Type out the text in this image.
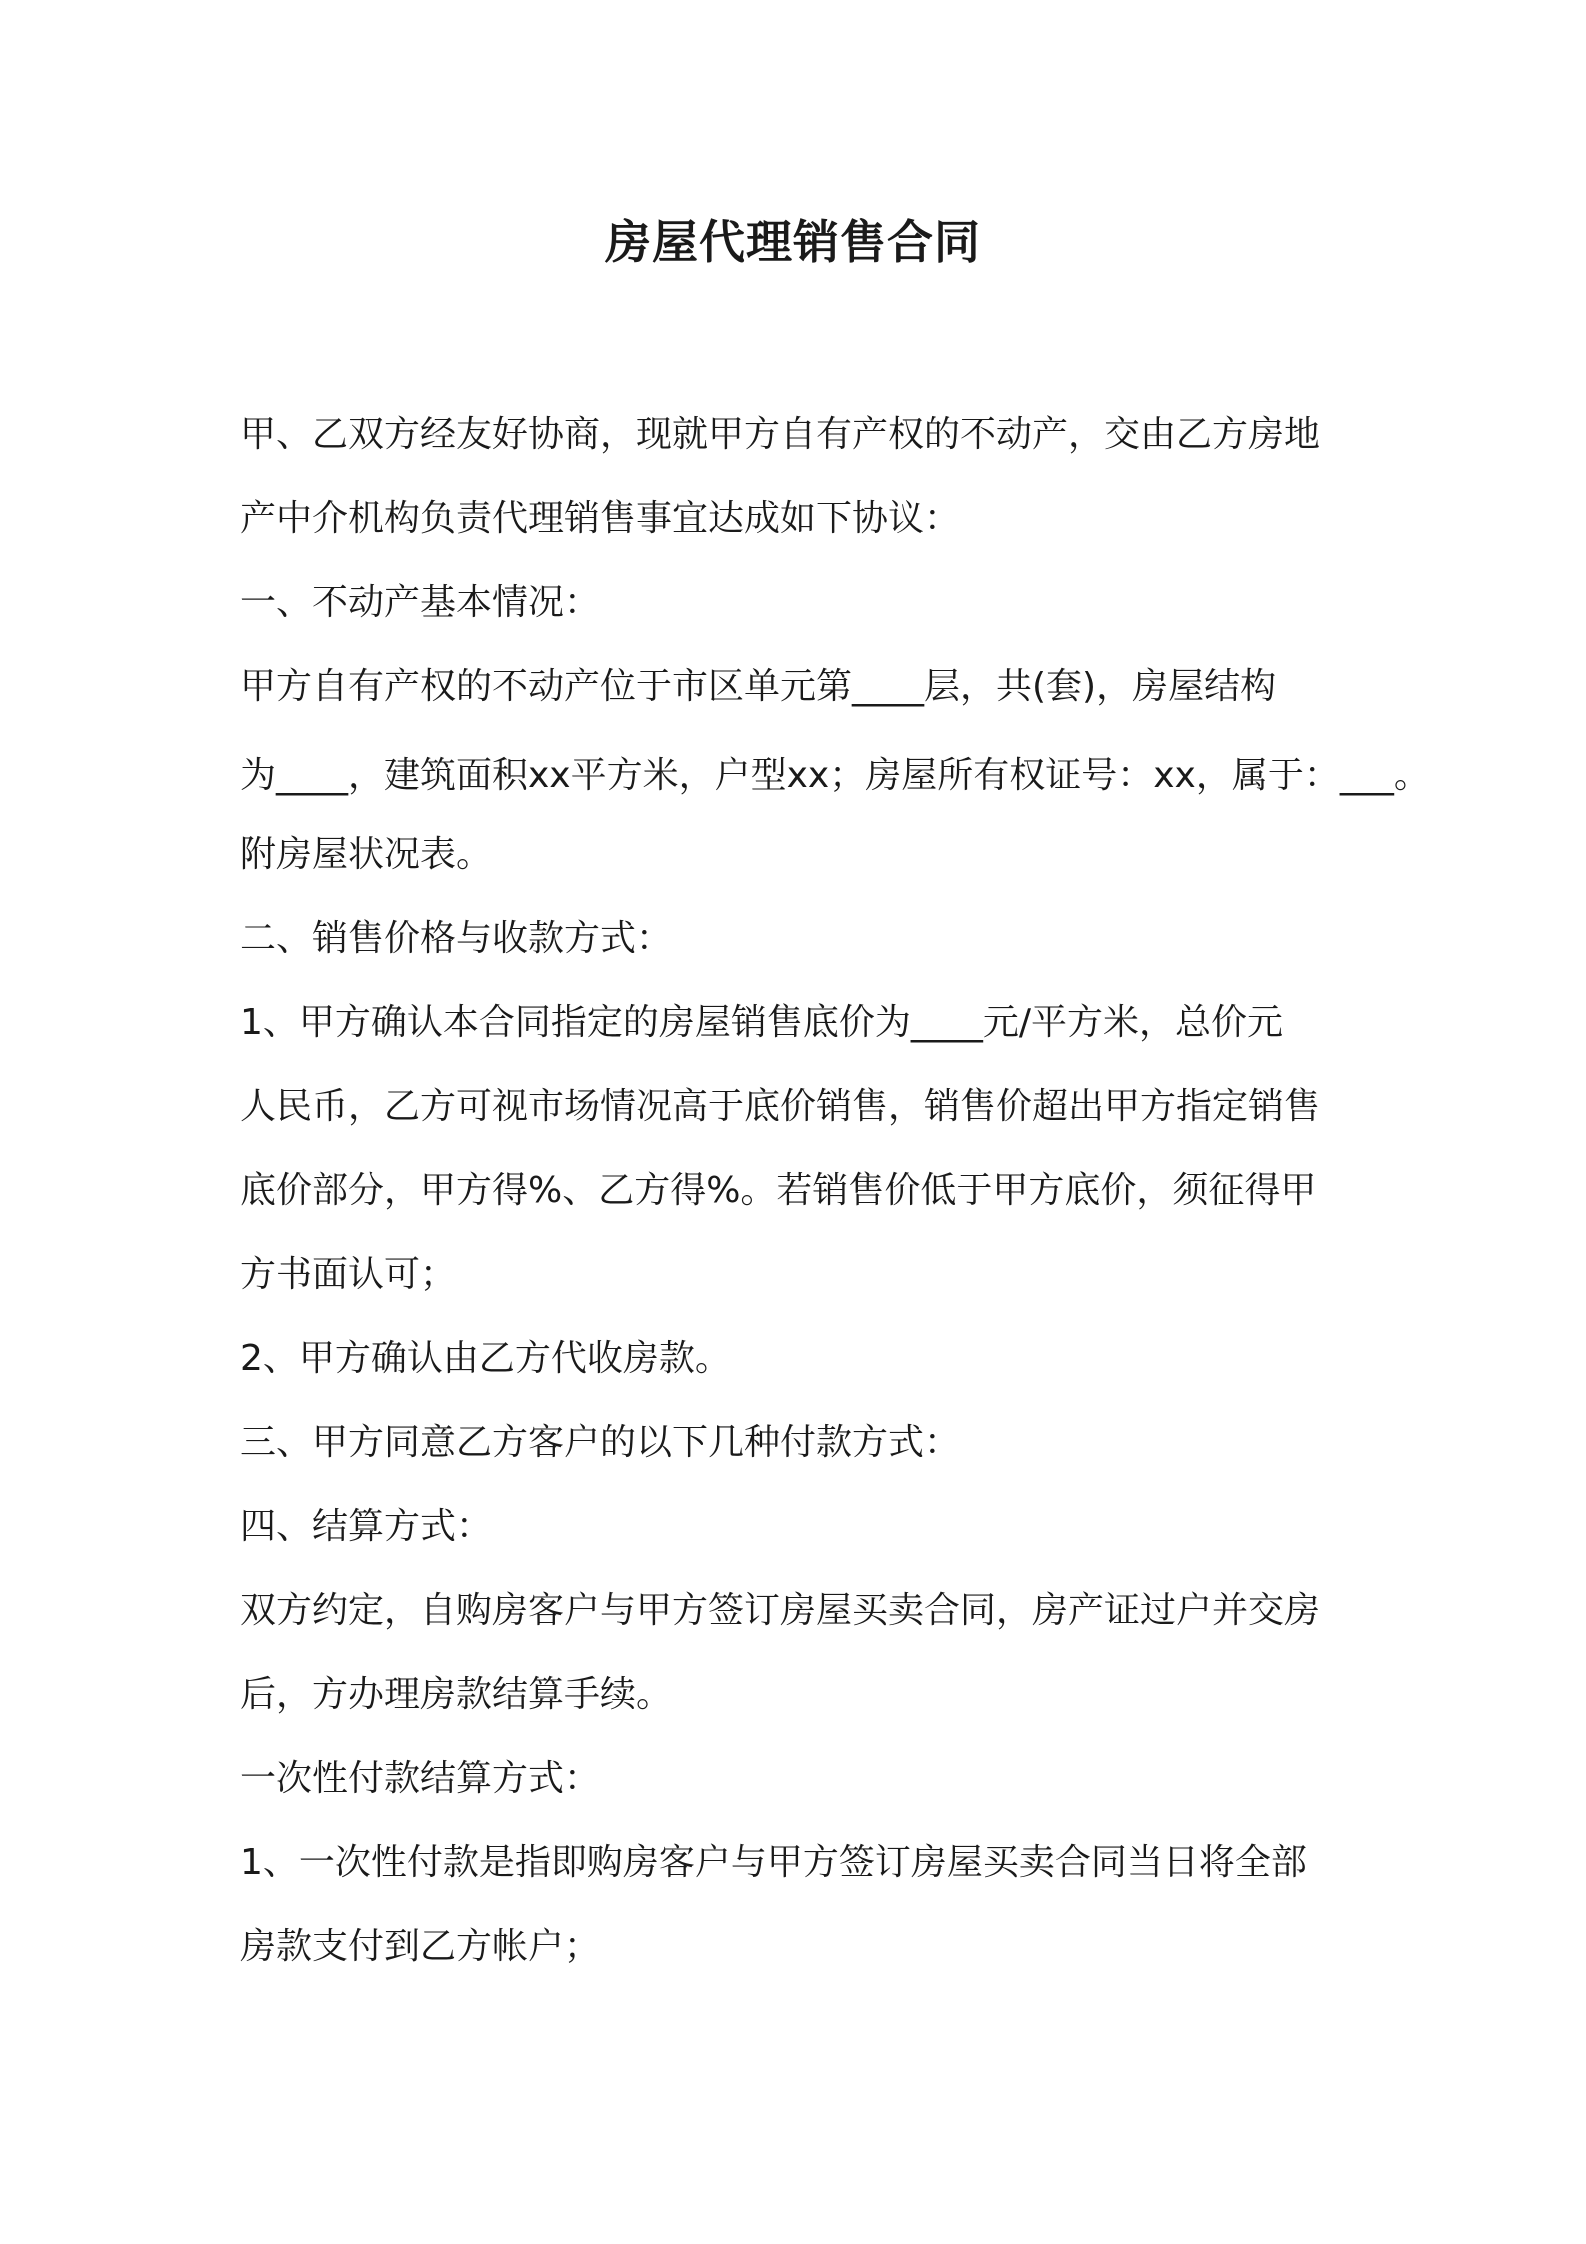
房屋代理销售合同
甲、乙双方经友好协商，现就甲方自有产权的不动产，交由乙方房地
产中介机构负责代理销售事宜达成如下协议：
一、不动产基本情况：
甲方自有产权的不动产位于市区单元第____层，共(套)，房屋结构
为____，建筑面积xx平方米，户型xx；房屋所有权证号：xx，属于：___。
附房屋状况表。
二、销售价格与收款方式：
1、甲方确认本合同指定的房屋销售底价为____元/平方米，总价元
人民币，乙方可视市场情况高于底价销售，销售价超出甲方指定销售
底价部分，甲方得%、乙方得%。若销售价低于甲方底价，须征得甲
方书面认可；
2、甲方确认由乙方代收房款。
三、甲方同意乙方客户的以下几种付款方式：
四、结算方式：
双方约定，自购房客户与甲方签订房屋买卖合同，房产证过户并交房
后，方办理房款结算手续。
一次性付款结算方式：
1、一次性付款是指即购房客户与甲方签订房屋买卖合同当日将全部
房款支付到乙方帐户；
